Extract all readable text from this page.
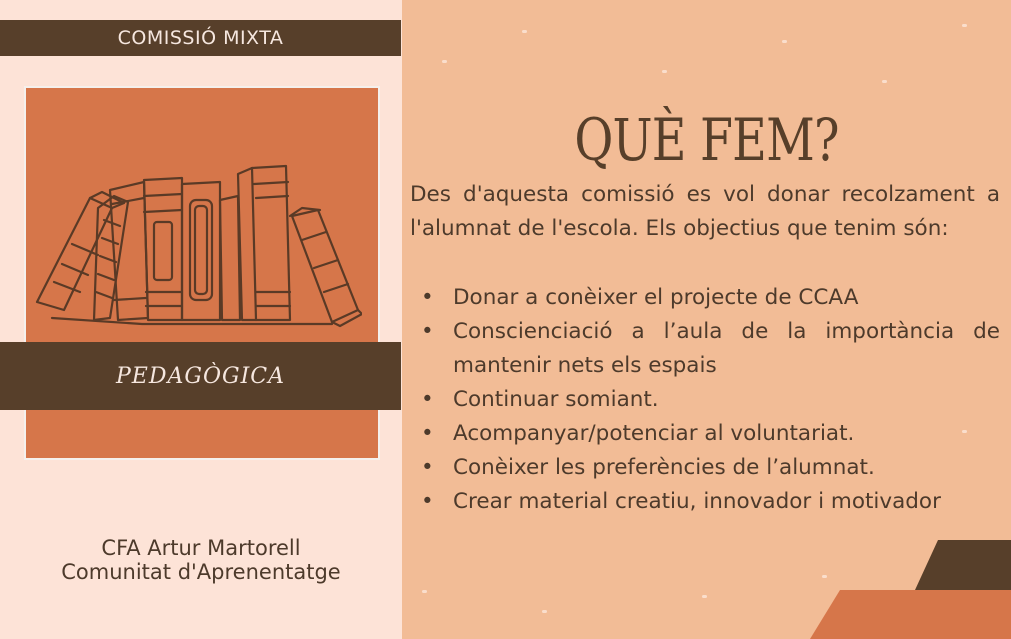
COMISSIÓ MIXTA
PEDAGÒGICA
CFA Artur Martorell
Comunitat d'Aprenentatge
QUÈ FEM?
Des d'aquesta comissió es vol donar recolzament a l'alumnat de l'escola. Els objectius que tenim són:
• Donar a conèixer el projecte de CCAA
• Conscienciació a l’aula de la importància de mantenir nets els espais
• Continuar somiant.
• Acompanyar/potenciar al voluntariat.
• Conèixer les preferències de l’alumnat.
• Crear material creatiu, innovador i motivador
